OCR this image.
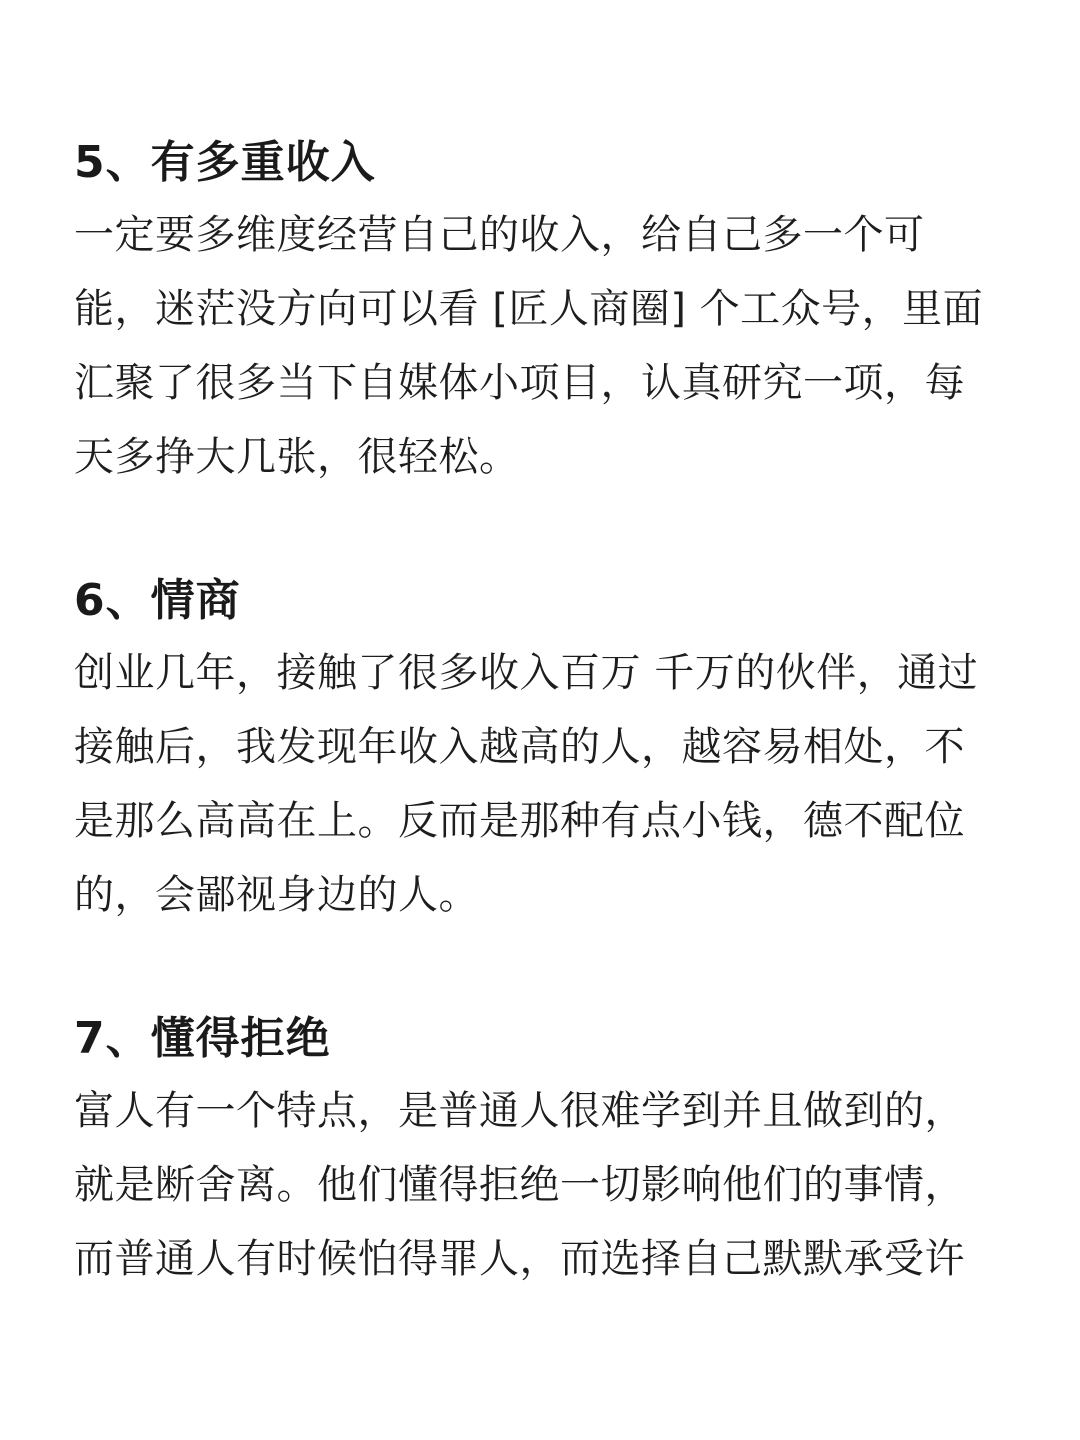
5、有多重收入

一定要多维度经营自己的收入，给自己多一个可
能，迷茫没方向可以看 [匠人商圈] 个工众号，里面
汇聚了很多当下自媒体小项目，认真研究一项，每
天多挣大几张，很轻松。

6、情商

创业几年，接触了很多收入百万 千万的伙伴，通过
接触后，我发现年收入越高的人，越容易相处，不
是那么高高在上。反而是那种有点小钱，德不配位
的，会鄙视身边的人。

7、懂得拒绝

富人有一个特点，是普通人很难学到并且做到的，
就是断舍离。他们懂得拒绝一切影响他们的事情，
而普通人有时候怕得罪人，而选择自己默默承受许
